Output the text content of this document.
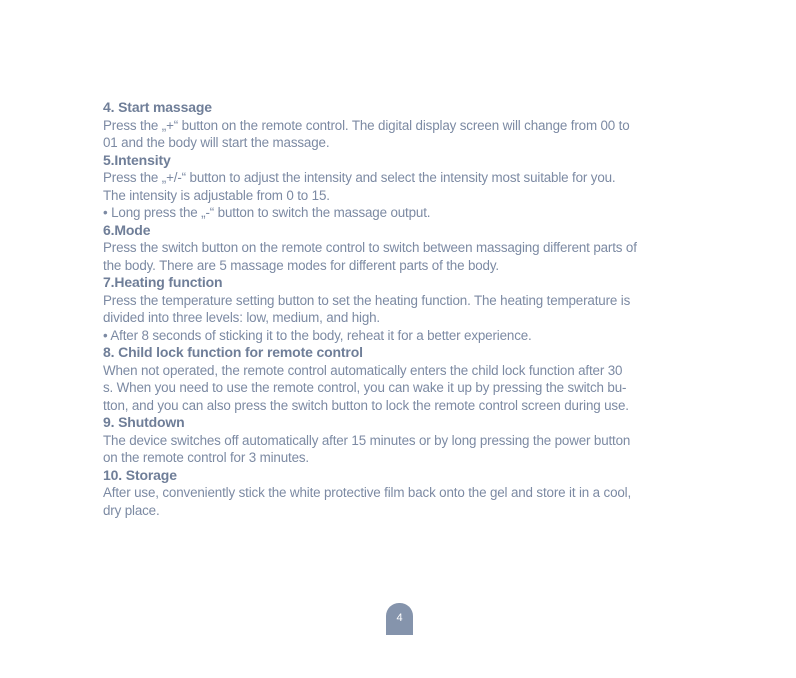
4. Start massage

Press the „+“ button on the remote control. The digital display screen will change from 00 to

01 and the body will start the massage.

5.Intensity

Press the „+/-“ button to adjust the intensity and select the intensity most suitable for you.

The intensity is adjustable from 0 to 15.

• Long press the „-“ button to switch the massage output.

6.Mode

Press the switch button on the remote control to switch between massaging different parts of

the body. There are 5 massage modes for different parts of the body.

7.Heating function

Press the temperature setting button to set the heating function. The heating temperature is

divided into three levels: low, medium, and high.

• After 8 seconds of sticking it to the body, reheat it for a better experience.

8. Child lock function for remote control

When not operated, the remote control automatically enters the child lock function after 30

s. When you need to use the remote control, you can wake it up by pressing the switch bu-

tton, and you can also press the switch button to lock the remote control screen during use.

9. Shutdown

The device switches off automatically after 15 minutes or by long pressing the power button

on the remote control for 3 minutes.

10. Storage

After use, conveniently stick the white protective film back onto the gel and store it in a cool,

dry place.

4
